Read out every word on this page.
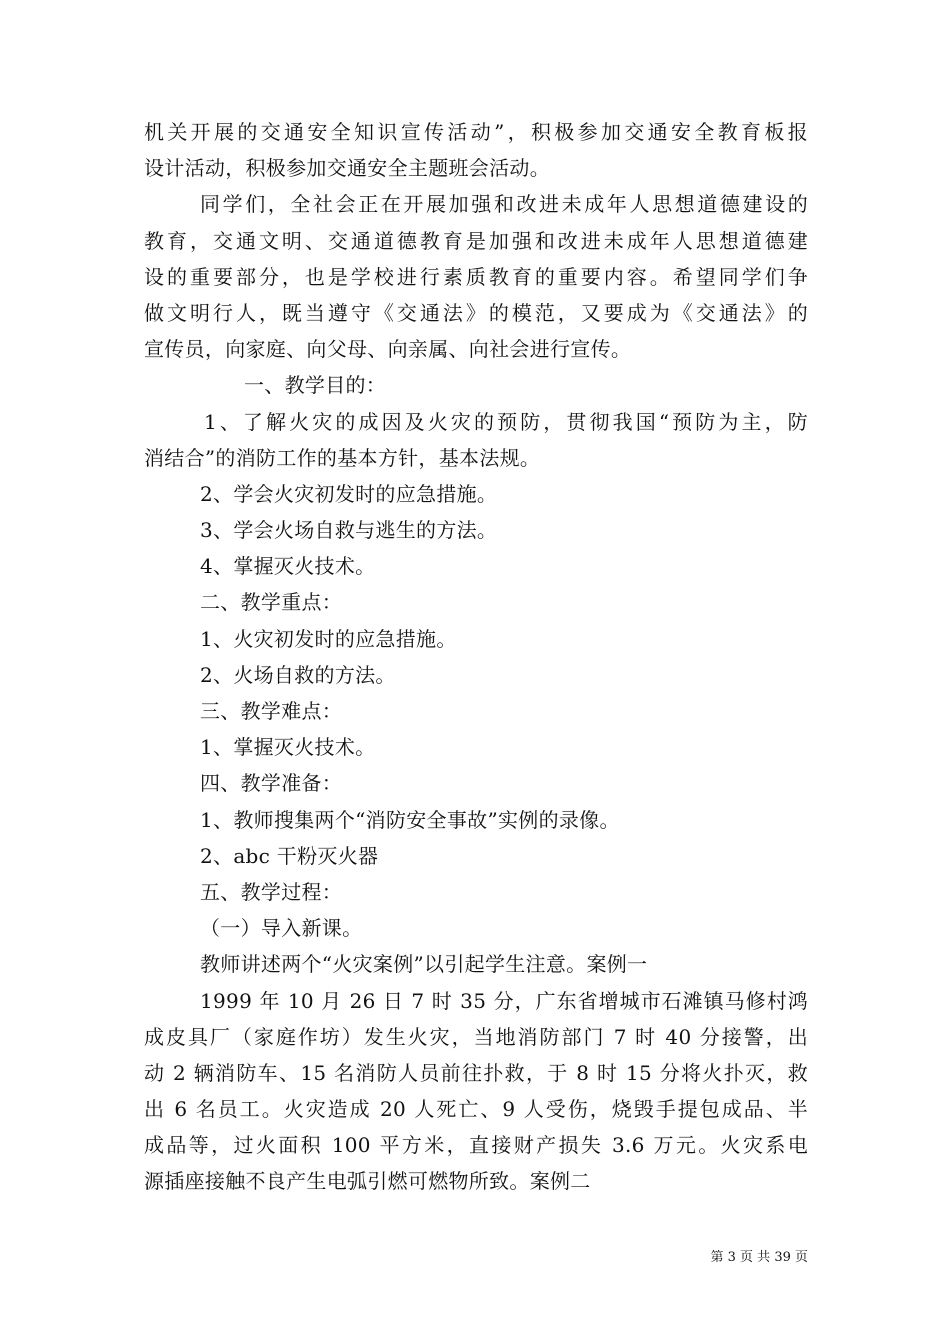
机关开展的交通安全知识宣传活动”，积极参加交通安全教育板报
设计活动，积极参加交通安全主题班会活动。
同学们，全社会正在开展加强和改进未成年人思想道德建设的
教育，交通文明、交通道德教育是加强和改进未成年人思想道德建
设的重要部分，也是学校进行素质教育的重要内容。希望同学们争
做文明行人，既当遵守《交通法》的模范，又要成为《交通法》的
宣传员，向家庭、向父母、向亲属、向社会进行宣传。
一、教学目的：
1、了解火灾的成因及火灾的预防，贯彻我国“预防为主，防
消结合”的消防工作的基本方针，基本法规。
2、学会火灾初发时的应急措施。
3、学会火场自救与逃生的方法。
4、掌握灭火技术。
二、教学重点：
1、火灾初发时的应急措施。
2、火场自救的方法。
三、教学难点：
1、掌握灭火技术。
四、教学准备：
1、教师搜集两个“消防安全事故”实例的录像。
2、abc 干粉灭火器
五、教学过程：
（一）导入新课。
教师讲述两个“火灾案例”以引起学生注意。案例一
1999 年 10 月 26 日 7 时 35 分，广东省增城市石滩镇马修村鸿
成皮具厂（家庭作坊）发生火灾，当地消防部门 7 时 40 分接警，出
动 2 辆消防车、15 名消防人员前往扑救，于 8 时 15 分将火扑灭，救
出 6 名员工。火灾造成 20 人死亡、9 人受伤，烧毁手提包成品、半
成品等，过火面积 100 平方米，直接财产损失 3.6 万元。火灾系电
源插座接触不良产生电弧引燃可燃物所致。案例二
第 3 页 共 39 页
